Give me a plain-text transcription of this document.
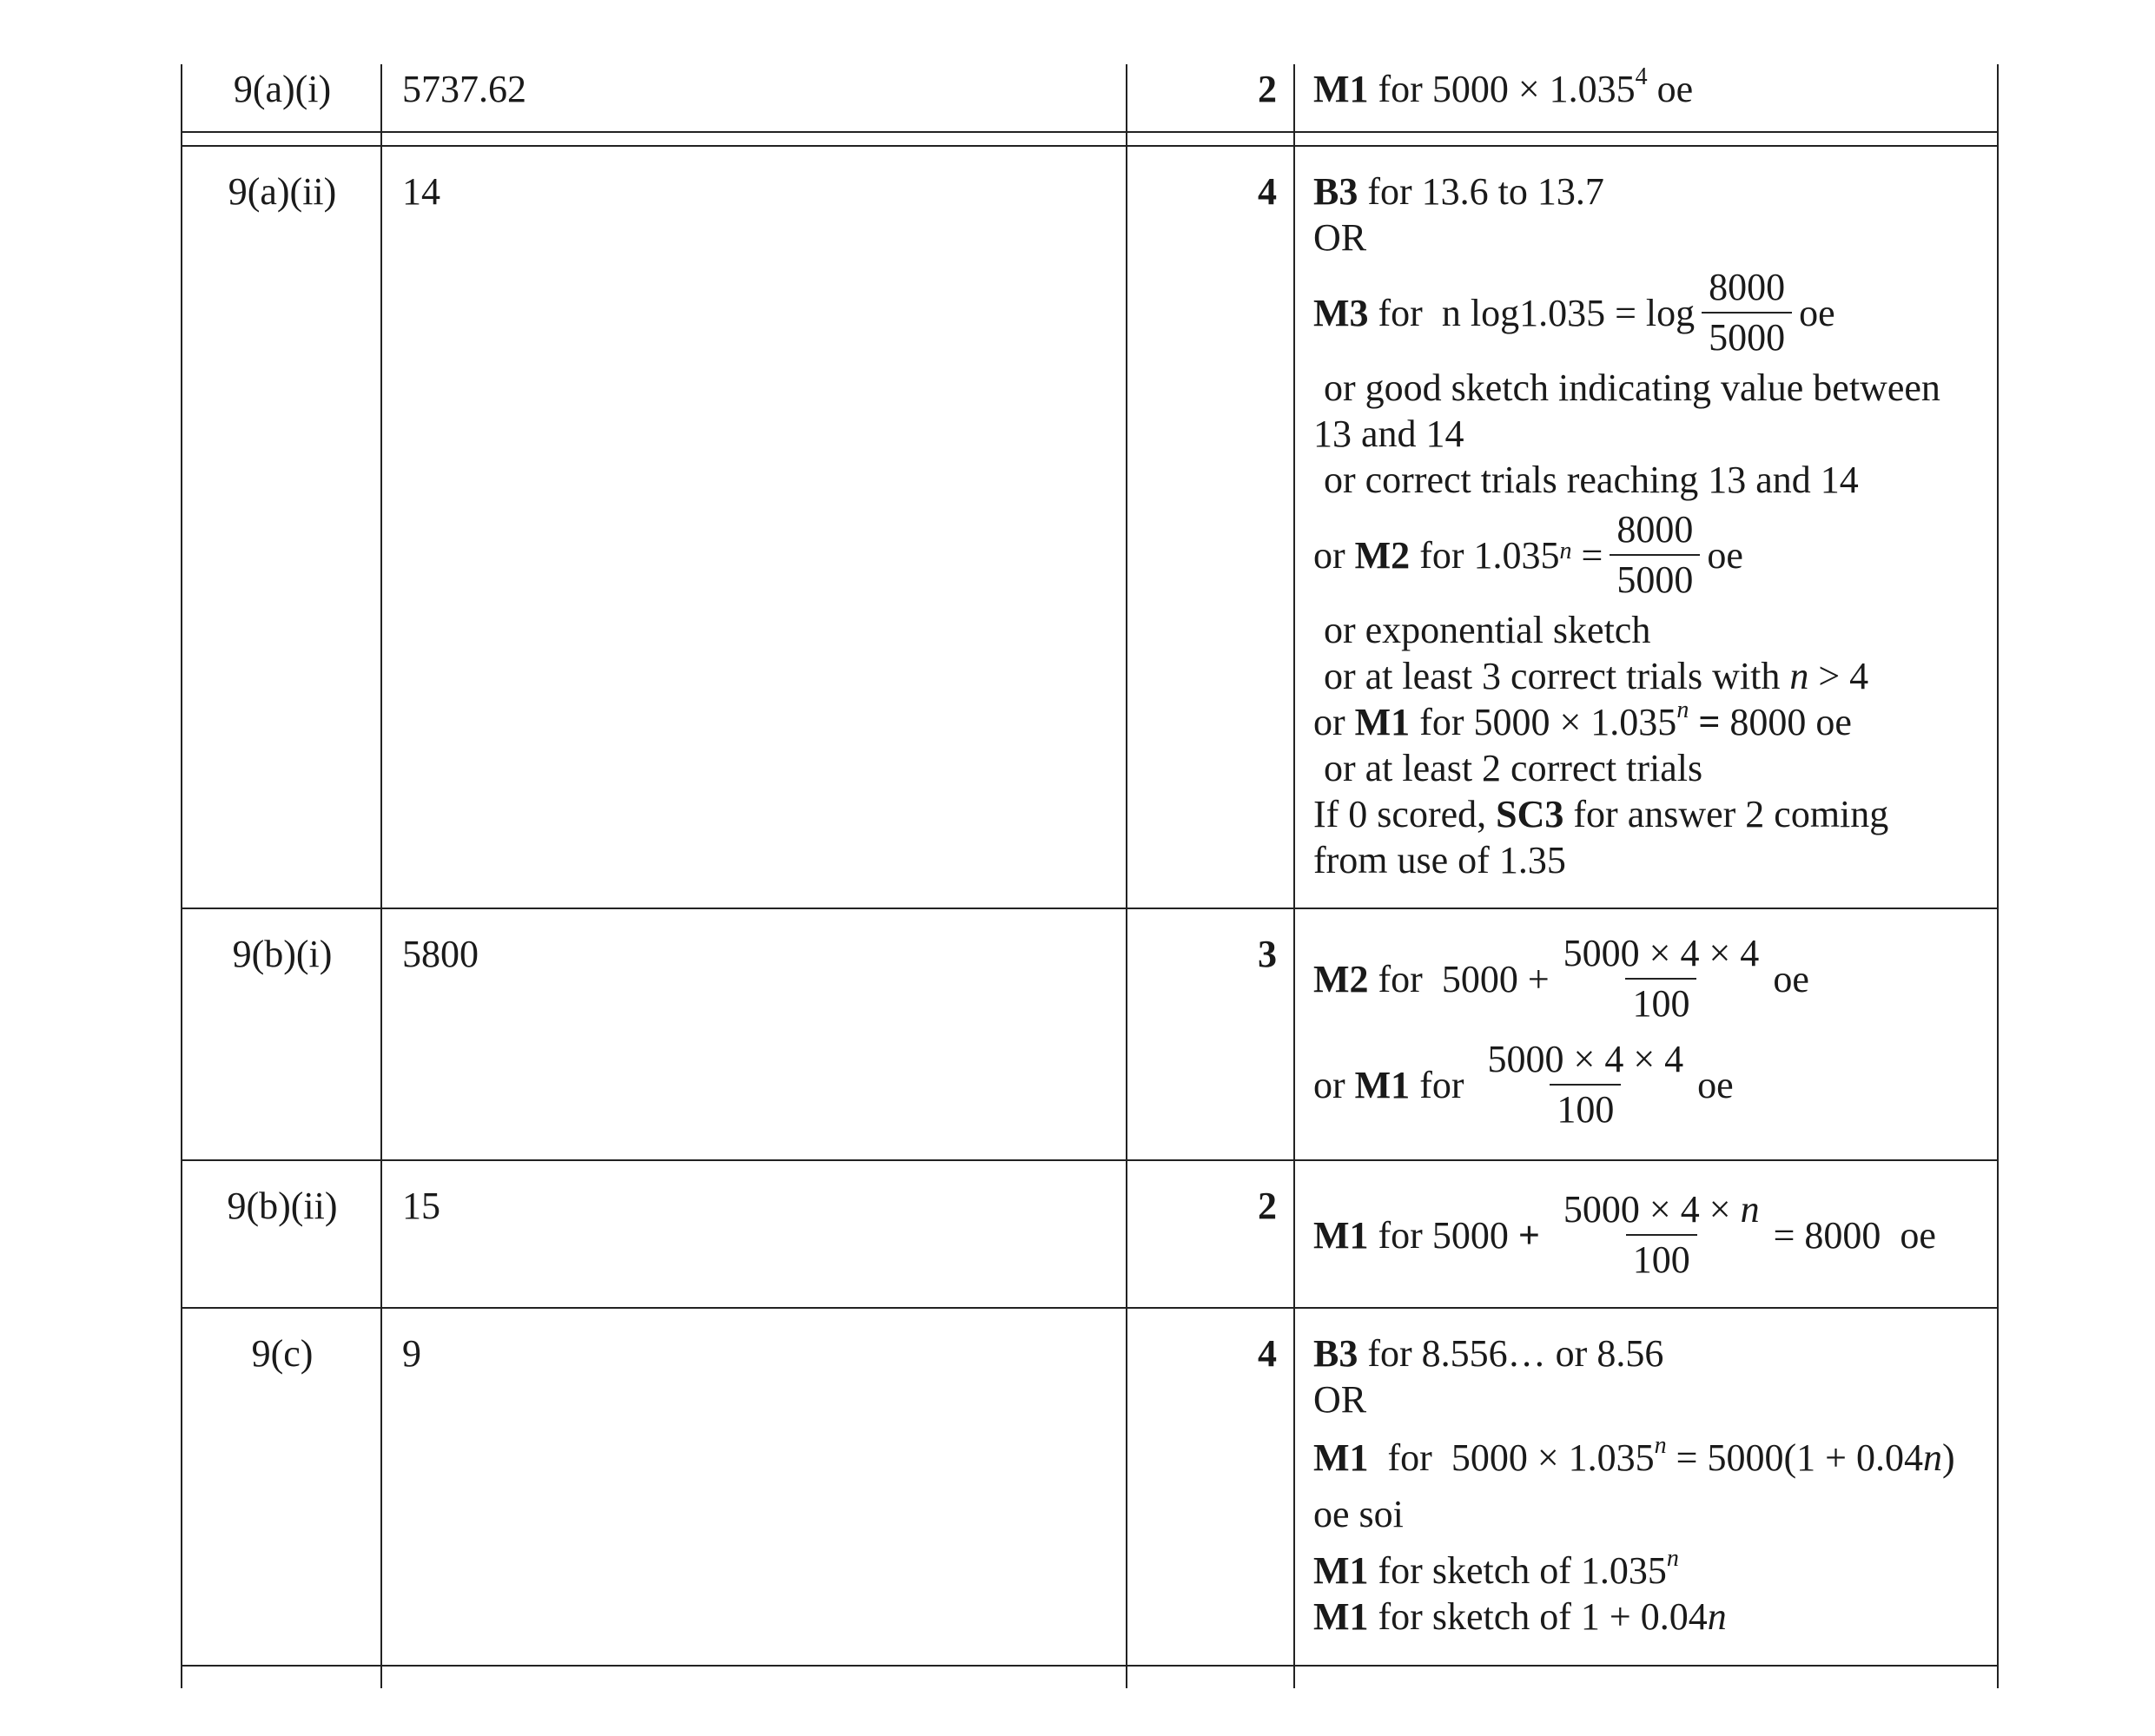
9(a)(i)	5737.62	2 M1 for $5000 \times 1.035^4$ oe
9(a)(ii)	14	4 B3 for 13.6 to 13.7
OR
M3
for
n $\log 1.035 = \log \frac{8000}{5000}$ oe
or good sketch indicating value between
13 and 14
or correct trials reaching 13 and 14
or
M2
for 1.035 $^n$
= $\frac{8000}{5000}$ oe
or exponential sketch
or at least 3 correct trials with n > 4
or M1 for $5000 \times 1.035^n = 8000$ oe
or at least 2 correct trials
If 0 scored, SC3 for answer 2 coming
from use of 1.35
9(b)(i)	5800	3
M2
for
$5000 + \frac{5000 \times 4 \times 4}{100}$ oe
or
M1
for
$\frac{5000 \times 4 \times 4}{100}$ oe
9(b)(ii)	15	2
M1
for 5000
+
$\frac{5000 \times 4 \times n}{100} = 8000$
oe
9(c)	9	4 B3 for 8.556… or 8.56
OR
M1 for $5000 \times 1.035^n = 5000(1 + 0.04n)$
oe soi
M1 for sketch of 1.035$^n$
M1 for sketch of 1 + 0.04n
